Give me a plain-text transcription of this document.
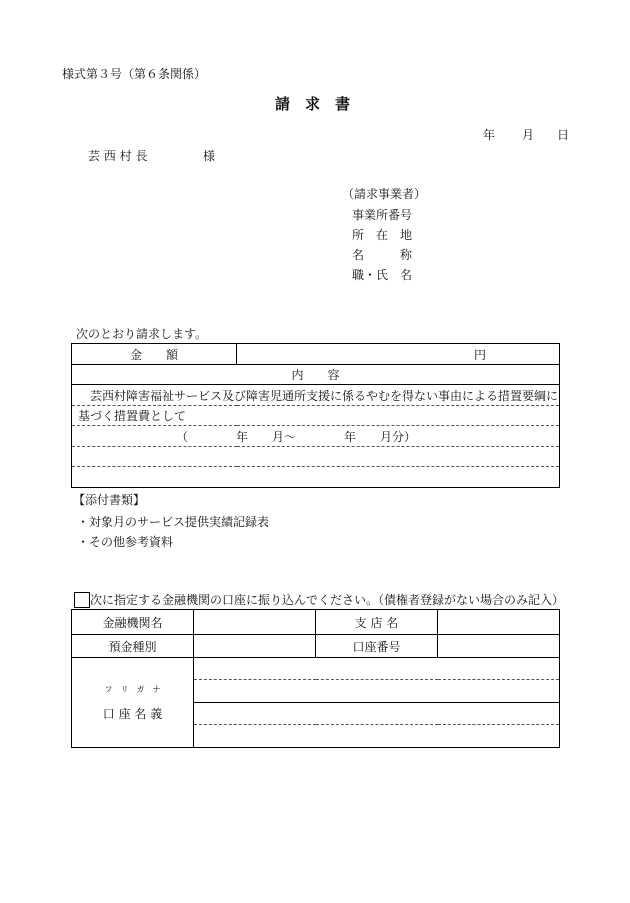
様式第３号（第６条関係）
請　求　書
年 月 日
芸 西 村 長	様
（請求事業者）
事業所番号
所　在　地
名　　　称
職・氏　名
次のとおり請求します。
金　　額	円
内　　容
芸西村障害福祉サービス及び障害児通所支援に係るやむを得ない事由による措置要綱に
基づく措置費として
（　　　　年　　月～　　　　年　　月分）

【添付書類】
・対象月のサービス提供実績記録表
・その他参考資料
次に指定する金融機関の口座に振り込んでください。（債権者登録がない場合のみ記入）
金融機関名		支 店 名	
預金種別		口座番号	

フ　リ　ガ　ナ
口 座 名 義			
